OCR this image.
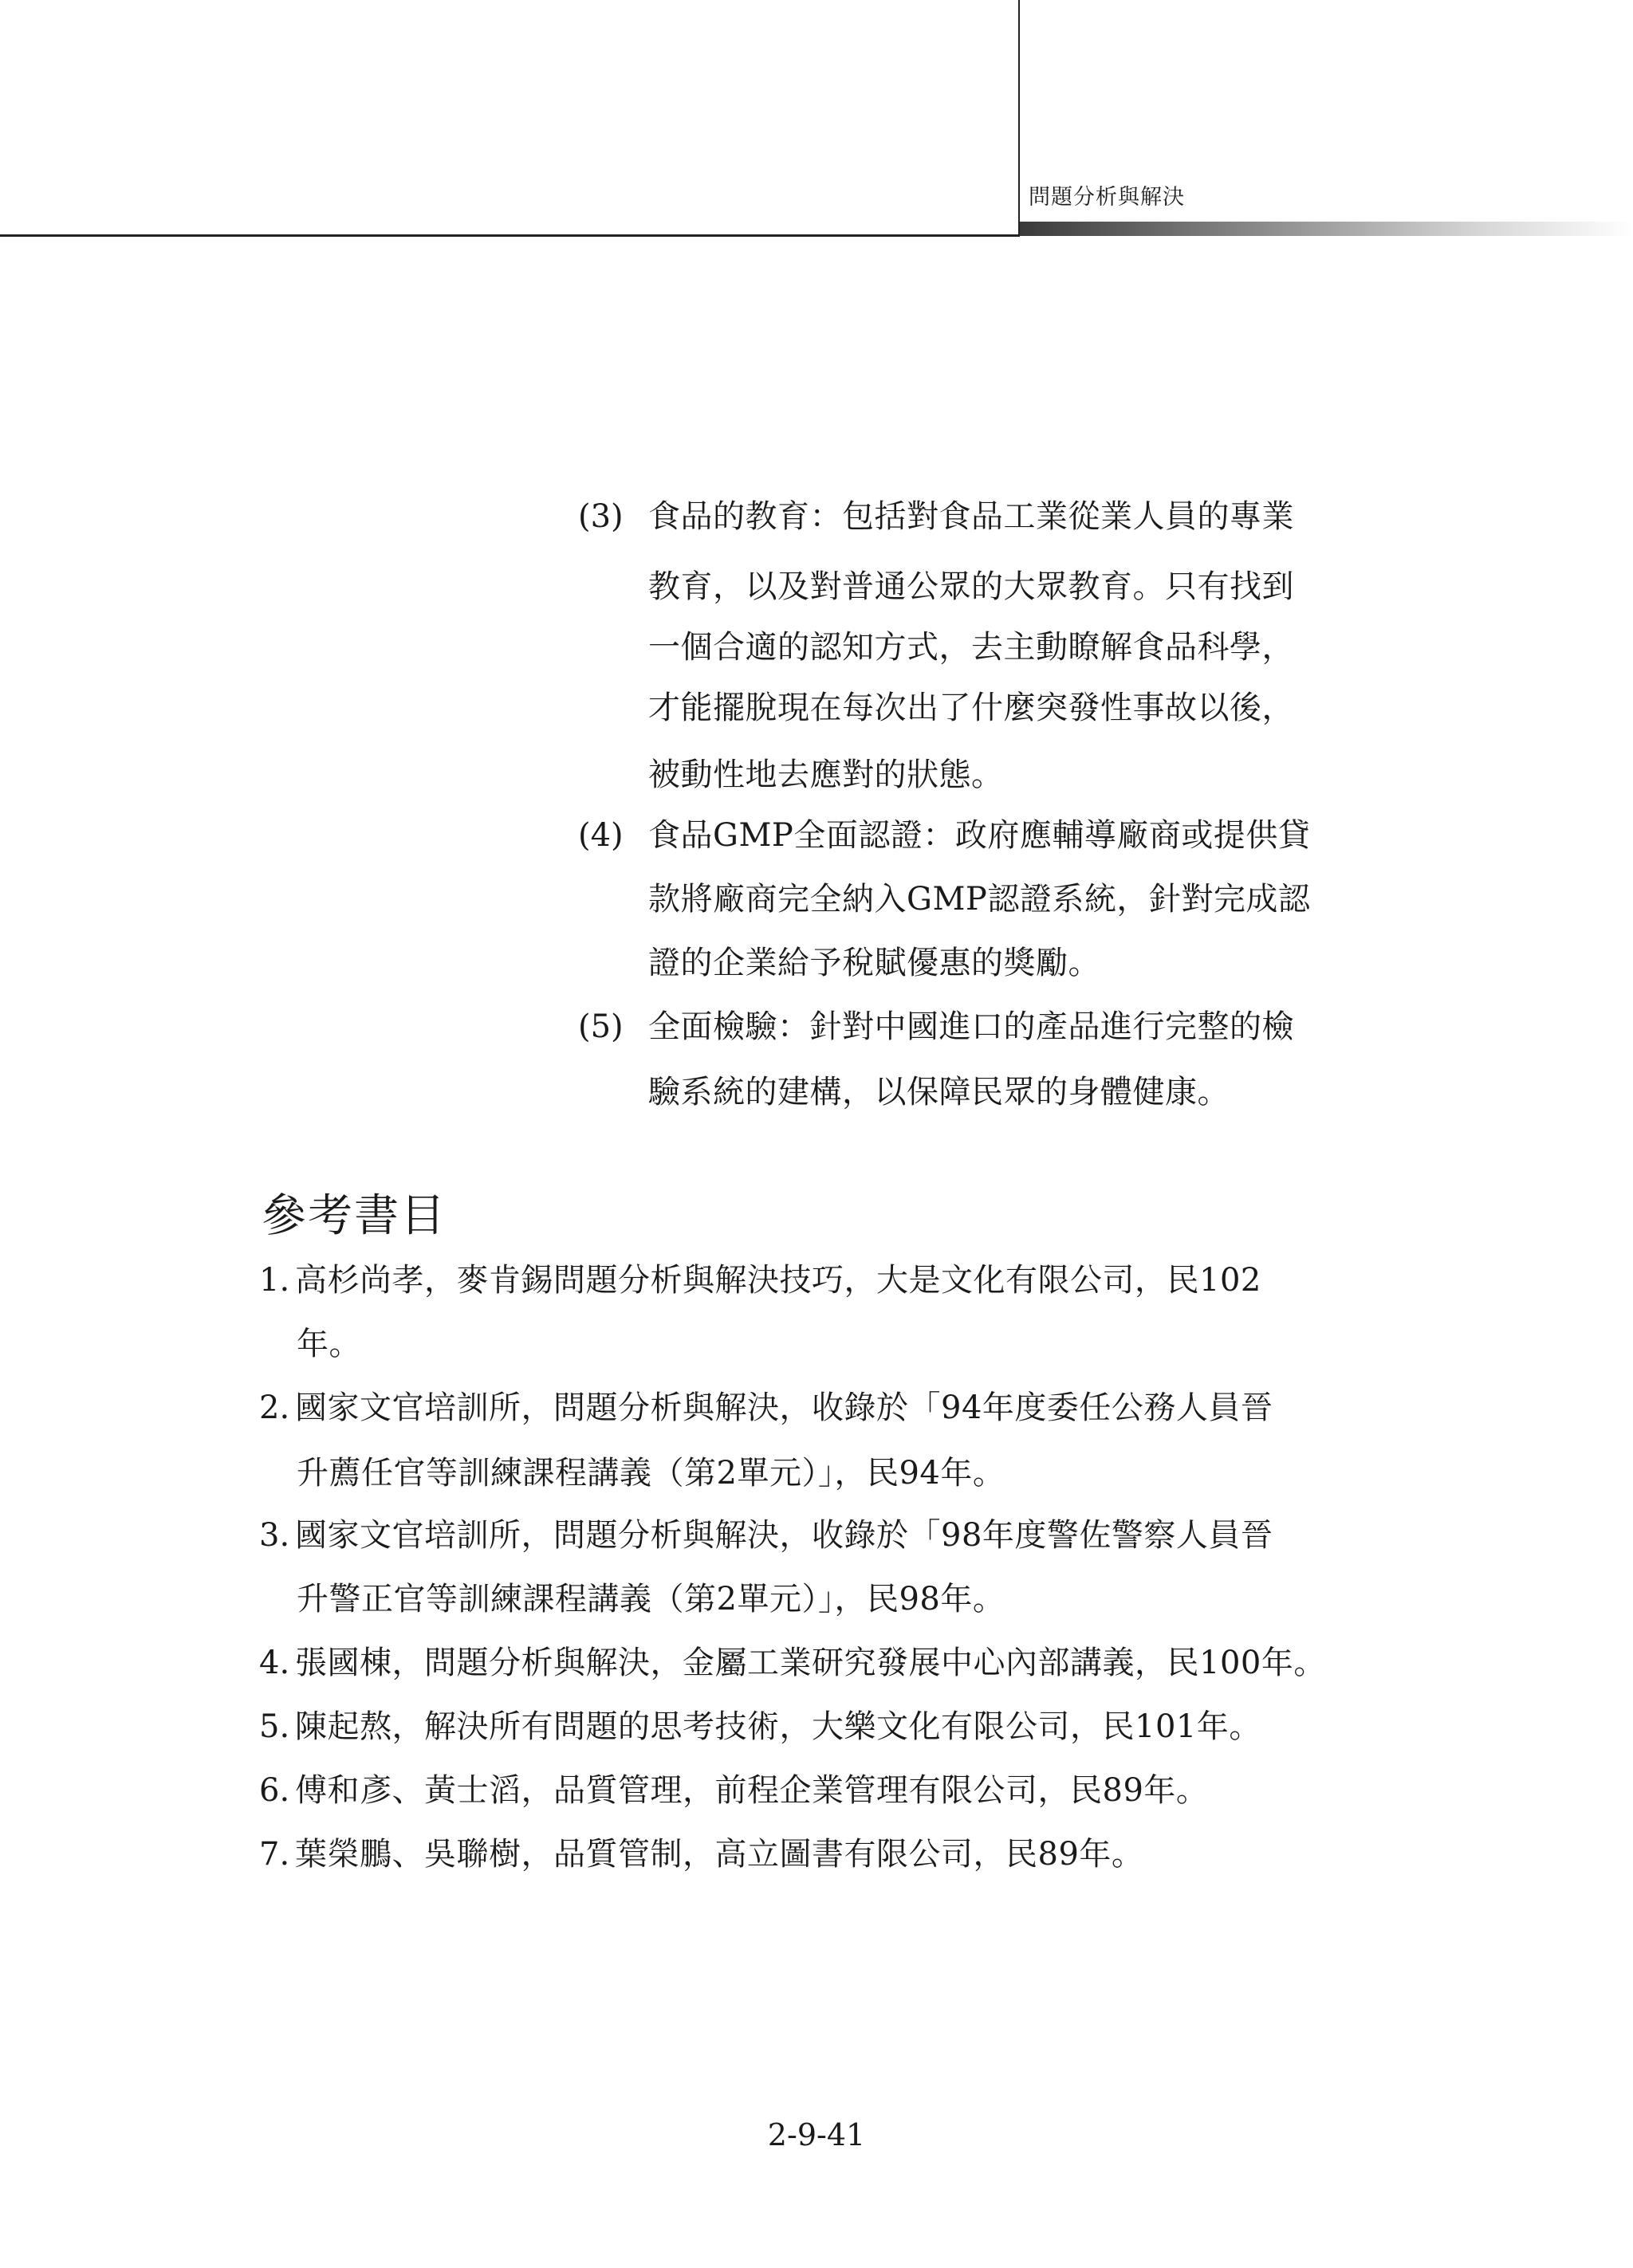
問題分析與解決
(3) 食品的教育：包括對食品工業從業人員的專業
教育，以及對普通公眾的大眾教育。只有找到
一個合適的認知方式，去主動瞭解食品科學，
才能擺脫現在每次出了什麼突發性事故以後，
被動性地去應對的狀態。
(4) 食品GMP全面認證：政府應輔導廠商或提供貸
款將廠商完全納入GMP認證系統，針對完成認
證的企業給予稅賦優惠的獎勵。
(5) 全面檢驗：針對中國進口的產品進行完整的檢
驗系統的建構，以保障民眾的身體健康。
參考書目
1. 高杉尚孝，麥肯錫問題分析與解決技巧，大是文化有限公司，民102
年。
2. 國家文官培訓所，問題分析與解決，收錄於「94年度委任公務人員晉
升薦任官等訓練課程講義（第2單元）」，民94年。
3. 國家文官培訓所，問題分析與解決，收錄於「98年度警佐警察人員晉
升警正官等訓練課程講義（第2單元）」，民98年。
4. 張國棟，問題分析與解決，金屬工業研究發展中心內部講義，民100年。
5. 陳起熬，解決所有問題的思考技術，大樂文化有限公司，民101年。
6. 傅和彥、黃士滔，品質管理，前程企業管理有限公司，民89年。
7. 葉榮鵬、吳聯樹，品質管制，高立圖書有限公司，民89年。
2-9-41
